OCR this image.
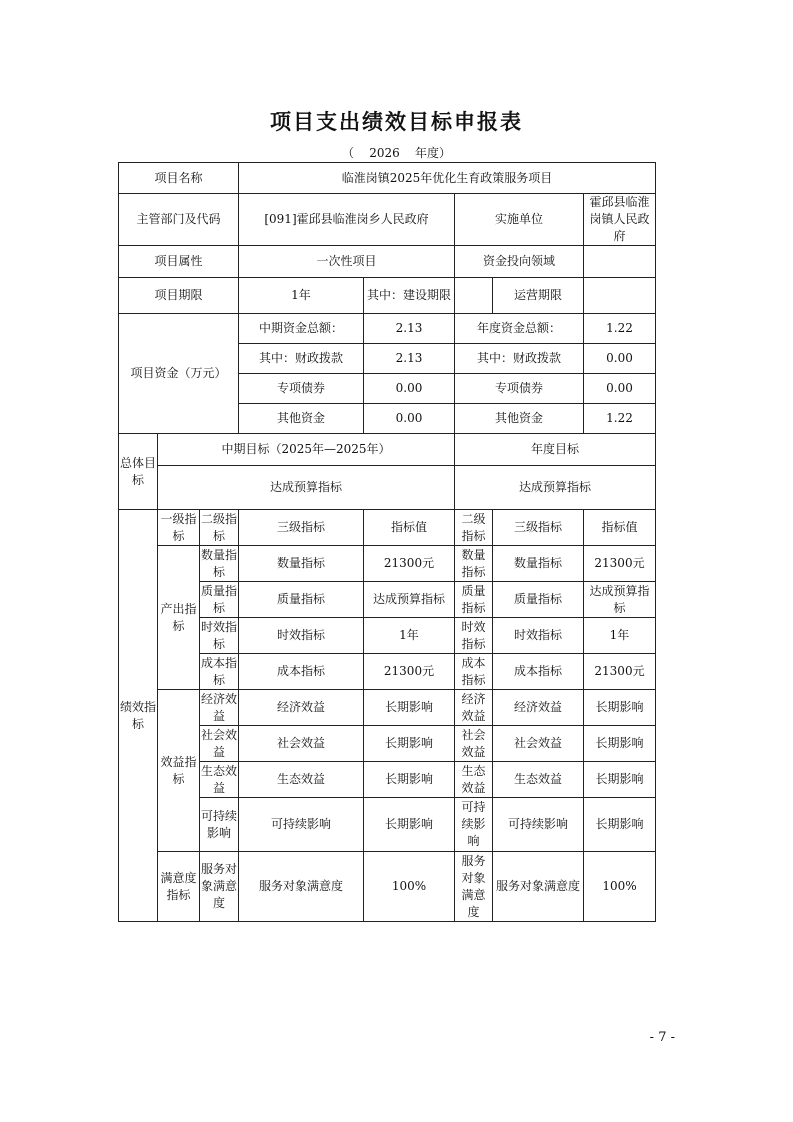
项目支出绩效目标申报表
（ 2026 年度）
项目名称			临淮岗镇2025年优化生育政策服务项目				
主管部门及代码			[091]霍邱县临淮岗乡人民政府		实施单位		霍邱县临淮岗镇人民政府
项目属性			一次性项目		资金投向领域		
项目期限			1年	其中：建设期限		运营期限	
项目资金（万元）			中期资金总额：	2.13	年度资金总额：		1.22
			其中：财政拨款	2.13	其中：财政拨款		0.00
			专项债券	0.00	专项债券		0.00
			其他资金	0.00	其他资金		1.22
总体目标	中期目标（2025年—2025年）				年度目标		
	达成预算指标				达成预算指标		
绩效指标	一级指标	二级指标	三级指标	指标值	二级指标	三级指标	指标值
	产出指标	数量指标	数量指标	21300元	数量指标	数量指标	21300元
		质量指标	质量指标	达成预算指标	质量指标	质量指标	达成预算指标
		时效指标	时效指标	1年	时效指标	时效指标	1年
		成本指标	成本指标	21300元	成本指标	成本指标	21300元
	效益指标	经济效益	经济效益	长期影响	经济效益	经济效益	长期影响
		社会效益	社会效益	长期影响	社会效益	社会效益	长期影响
		生态效益	生态效益	长期影响	生态效益	生态效益	长期影响
		可持续影响	可持续影响	长期影响	可持续影响	可持续影响	长期影响
	满意度指标	服务对象满意度	服务对象满意度	100%	服务对象满意度	服务对象满意度	100%
- 7 -
